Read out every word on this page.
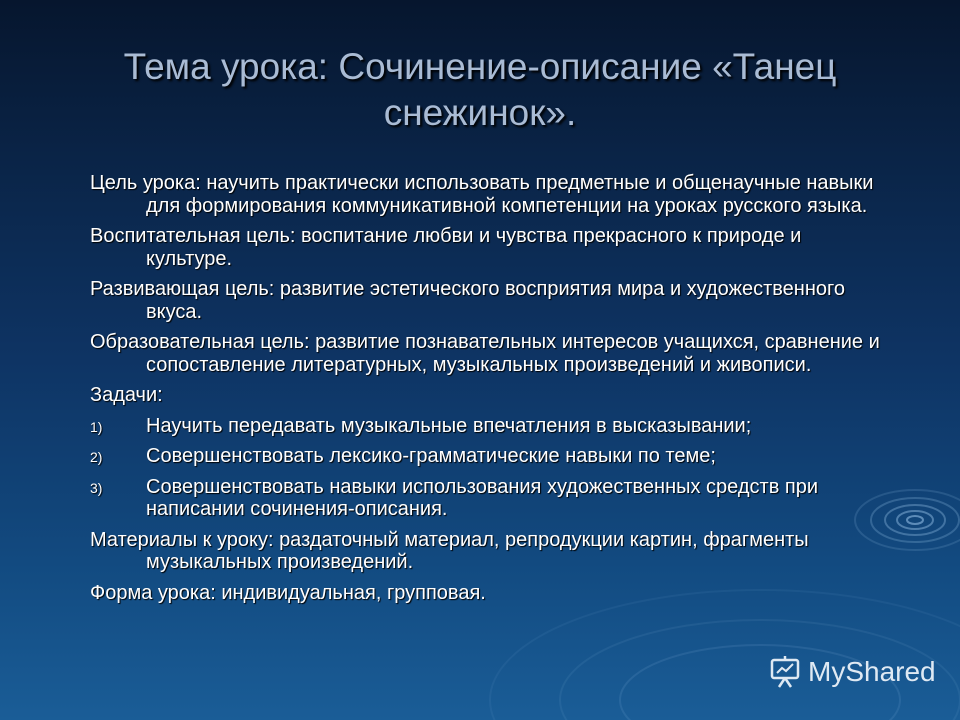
Тема урока: Сочинение-описание «Танец снежинок».

Цель урока: научить практически использовать предметные и общенаучные навыки для формирования коммуникативной компетенции на уроках русского языка.

Воспитательная цель: воспитание любви и чувства прекрасного к природе и культуре.

Развивающая цель: развитие эстетического восприятия мира и художественного вкуса.

Образовательная цель: развитие познавательных интересов учащихся, сравнение и сопоставление литературных, музыкальных произведений и живописи.

Задачи:

1) Научить передавать музыкальные впечатления в высказывании;
2) Совершенствовать лексико-грамматические навыки по теме;
3) Совершенствовать навыки использования художественных средств при написании сочинения-описания.

Материалы к уроку: раздаточный материал, репродукции картин, фрагменты музыкальных произведений.

Форма урока: индивидуальная, групповая.

MyShared
